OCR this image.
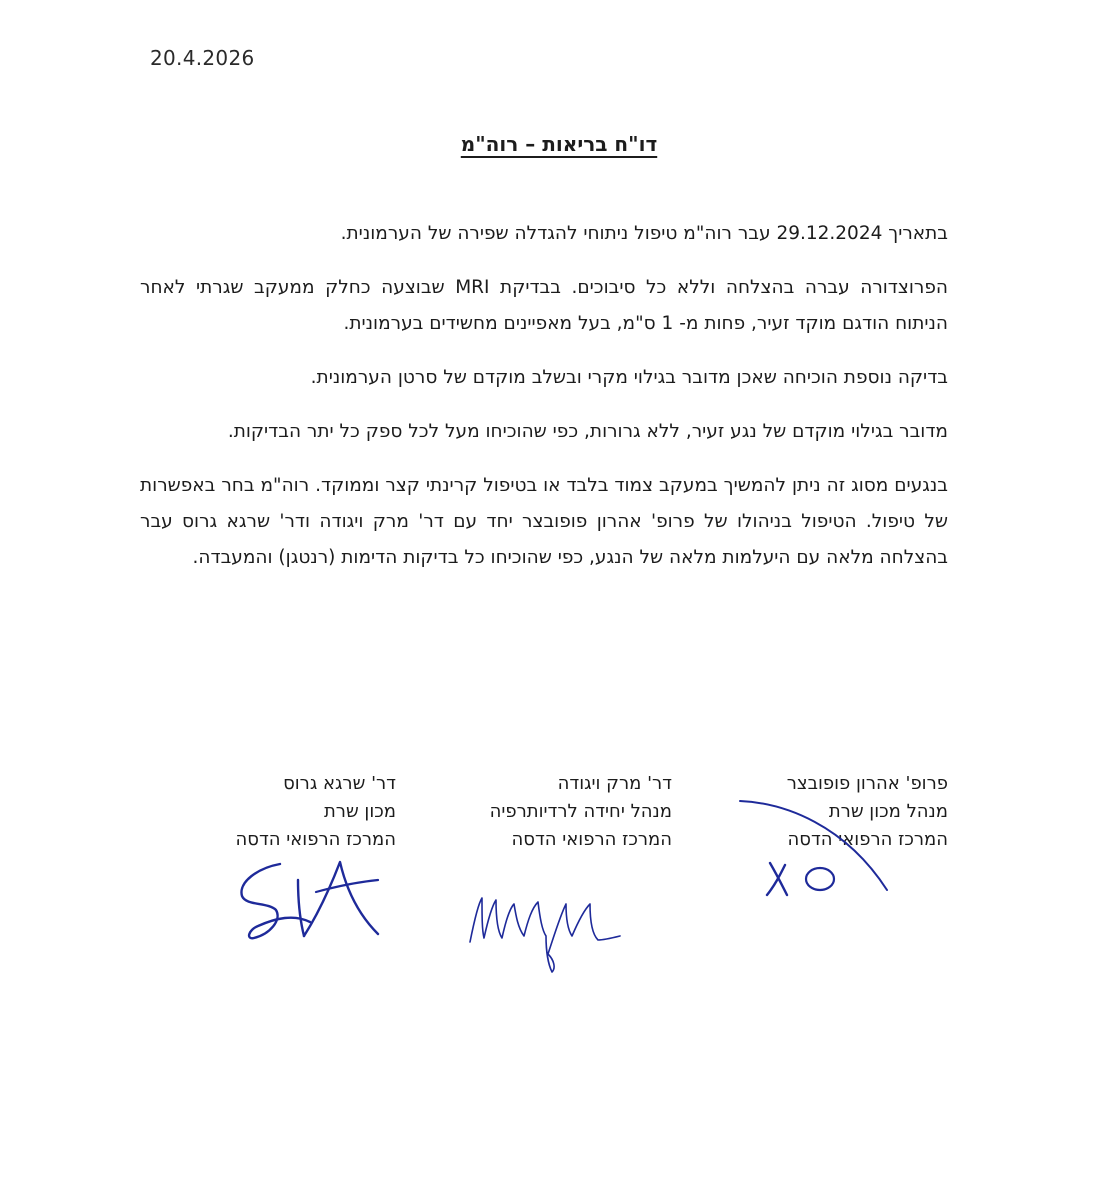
20.4.2026
דו"ח בריאות – רוה"מ

בתאריך 29.12.2024 עבר רוה"מ טיפול ניתוחי להגדלה שפירה של הערמונית.

הפרוצדורה עברה בהצלחה וללא כל סיבוכים. בבדיקת MRI שבוצעה כחלק ממעקב שגרתי לאחר הניתוח הודגם מוקד זעיר, פחות מ- 1 ס"מ, בעל מאפיינים מחשידים בערמונית.

בדיקה נוספת הוכיחה שאכן מדובר בגילוי מקרי ובשלב מוקדם של סרטן הערמונית.

מדובר בגילוי מוקדם של נגע זעיר, ללא גרורות, כפי שהוכיחו מעל לכל ספק כל יתר הבדיקות.

בנגעים מסוג זה ניתן להמשיך במעקב צמוד בלבד או בטיפול קרינתי קצר וממוקד. רוה"מ בחר באפשרות של טיפול. הטיפול בניהולו של פרופ' אהרון פופובצר יחד עם דר' מרק ויגודה ודר' שרגא גרוס עבר בהצלחה מלאה עם היעלמות מלאה של הנגע, כפי שהוכיחו כל בדיקות הדימות (רנטגן) והמעבדה.

פרופ' אהרון פופובצר
מנהל מכון שרת
המרכז הרפואי הדסה
דר' מרק ויגודה
מנהל יחידה לרדיותרפיה
המרכז הרפואי הדסה
דר' שרגא גרוס
מכון שרת
המרכז הרפואי הדסה
